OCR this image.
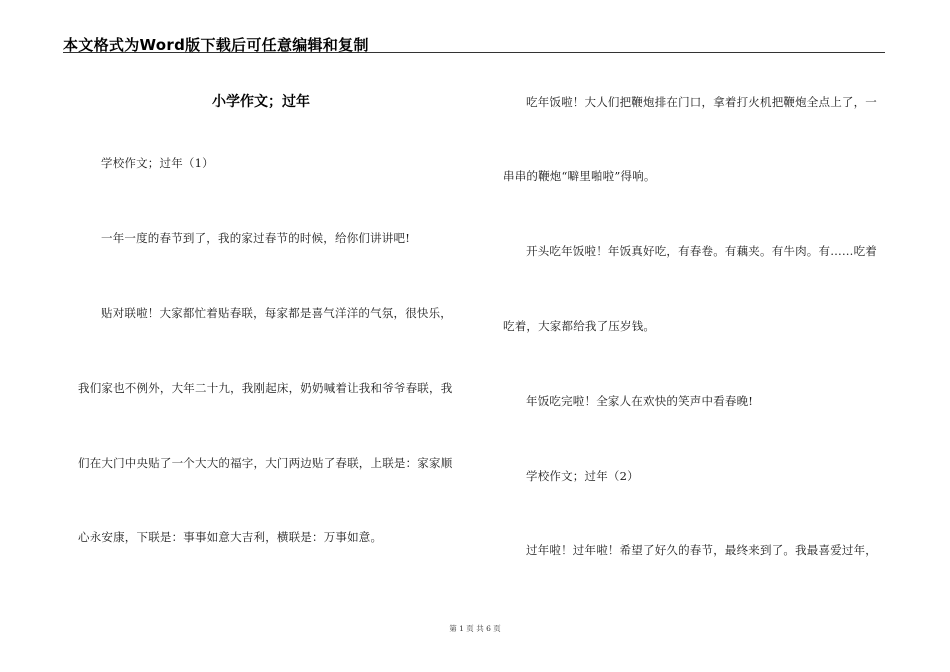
本文格式为Word版下载后可任意编辑和复制
小学作文；过年
学校作文；过年（1）
一年一度的春节到了，我的家过春节的时候，给你们讲讲吧!
贴对联啦！大家都忙着贴春联，每家都是喜气洋洋的气氛，很快乐，
我们家也不例外，大年二十九，我刚起床，奶奶喊着让我和爷爷春联，我
们在大门中央贴了一个大大的福字，大门两边贴了春联，上联是：家家顺
心永安康，下联是：事事如意大吉利，横联是：万事如意。
吃年饭啦！大人们把鞭炮排在门口，拿着打火机把鞭炮全点上了，一
串串的鞭炮“噼里啪啦”得响。
开头吃年饭啦！年饭真好吃，有春卷。有藕夹。有牛肉。有……吃着
吃着，大家都给我了压岁钱。
年饭吃完啦！全家人在欢快的笑声中看春晚!
学校作文；过年（2）
过年啦！过年啦！希望了好久的春节，最终来到了。我最喜爱过年，
第 1 页 共 6 页
